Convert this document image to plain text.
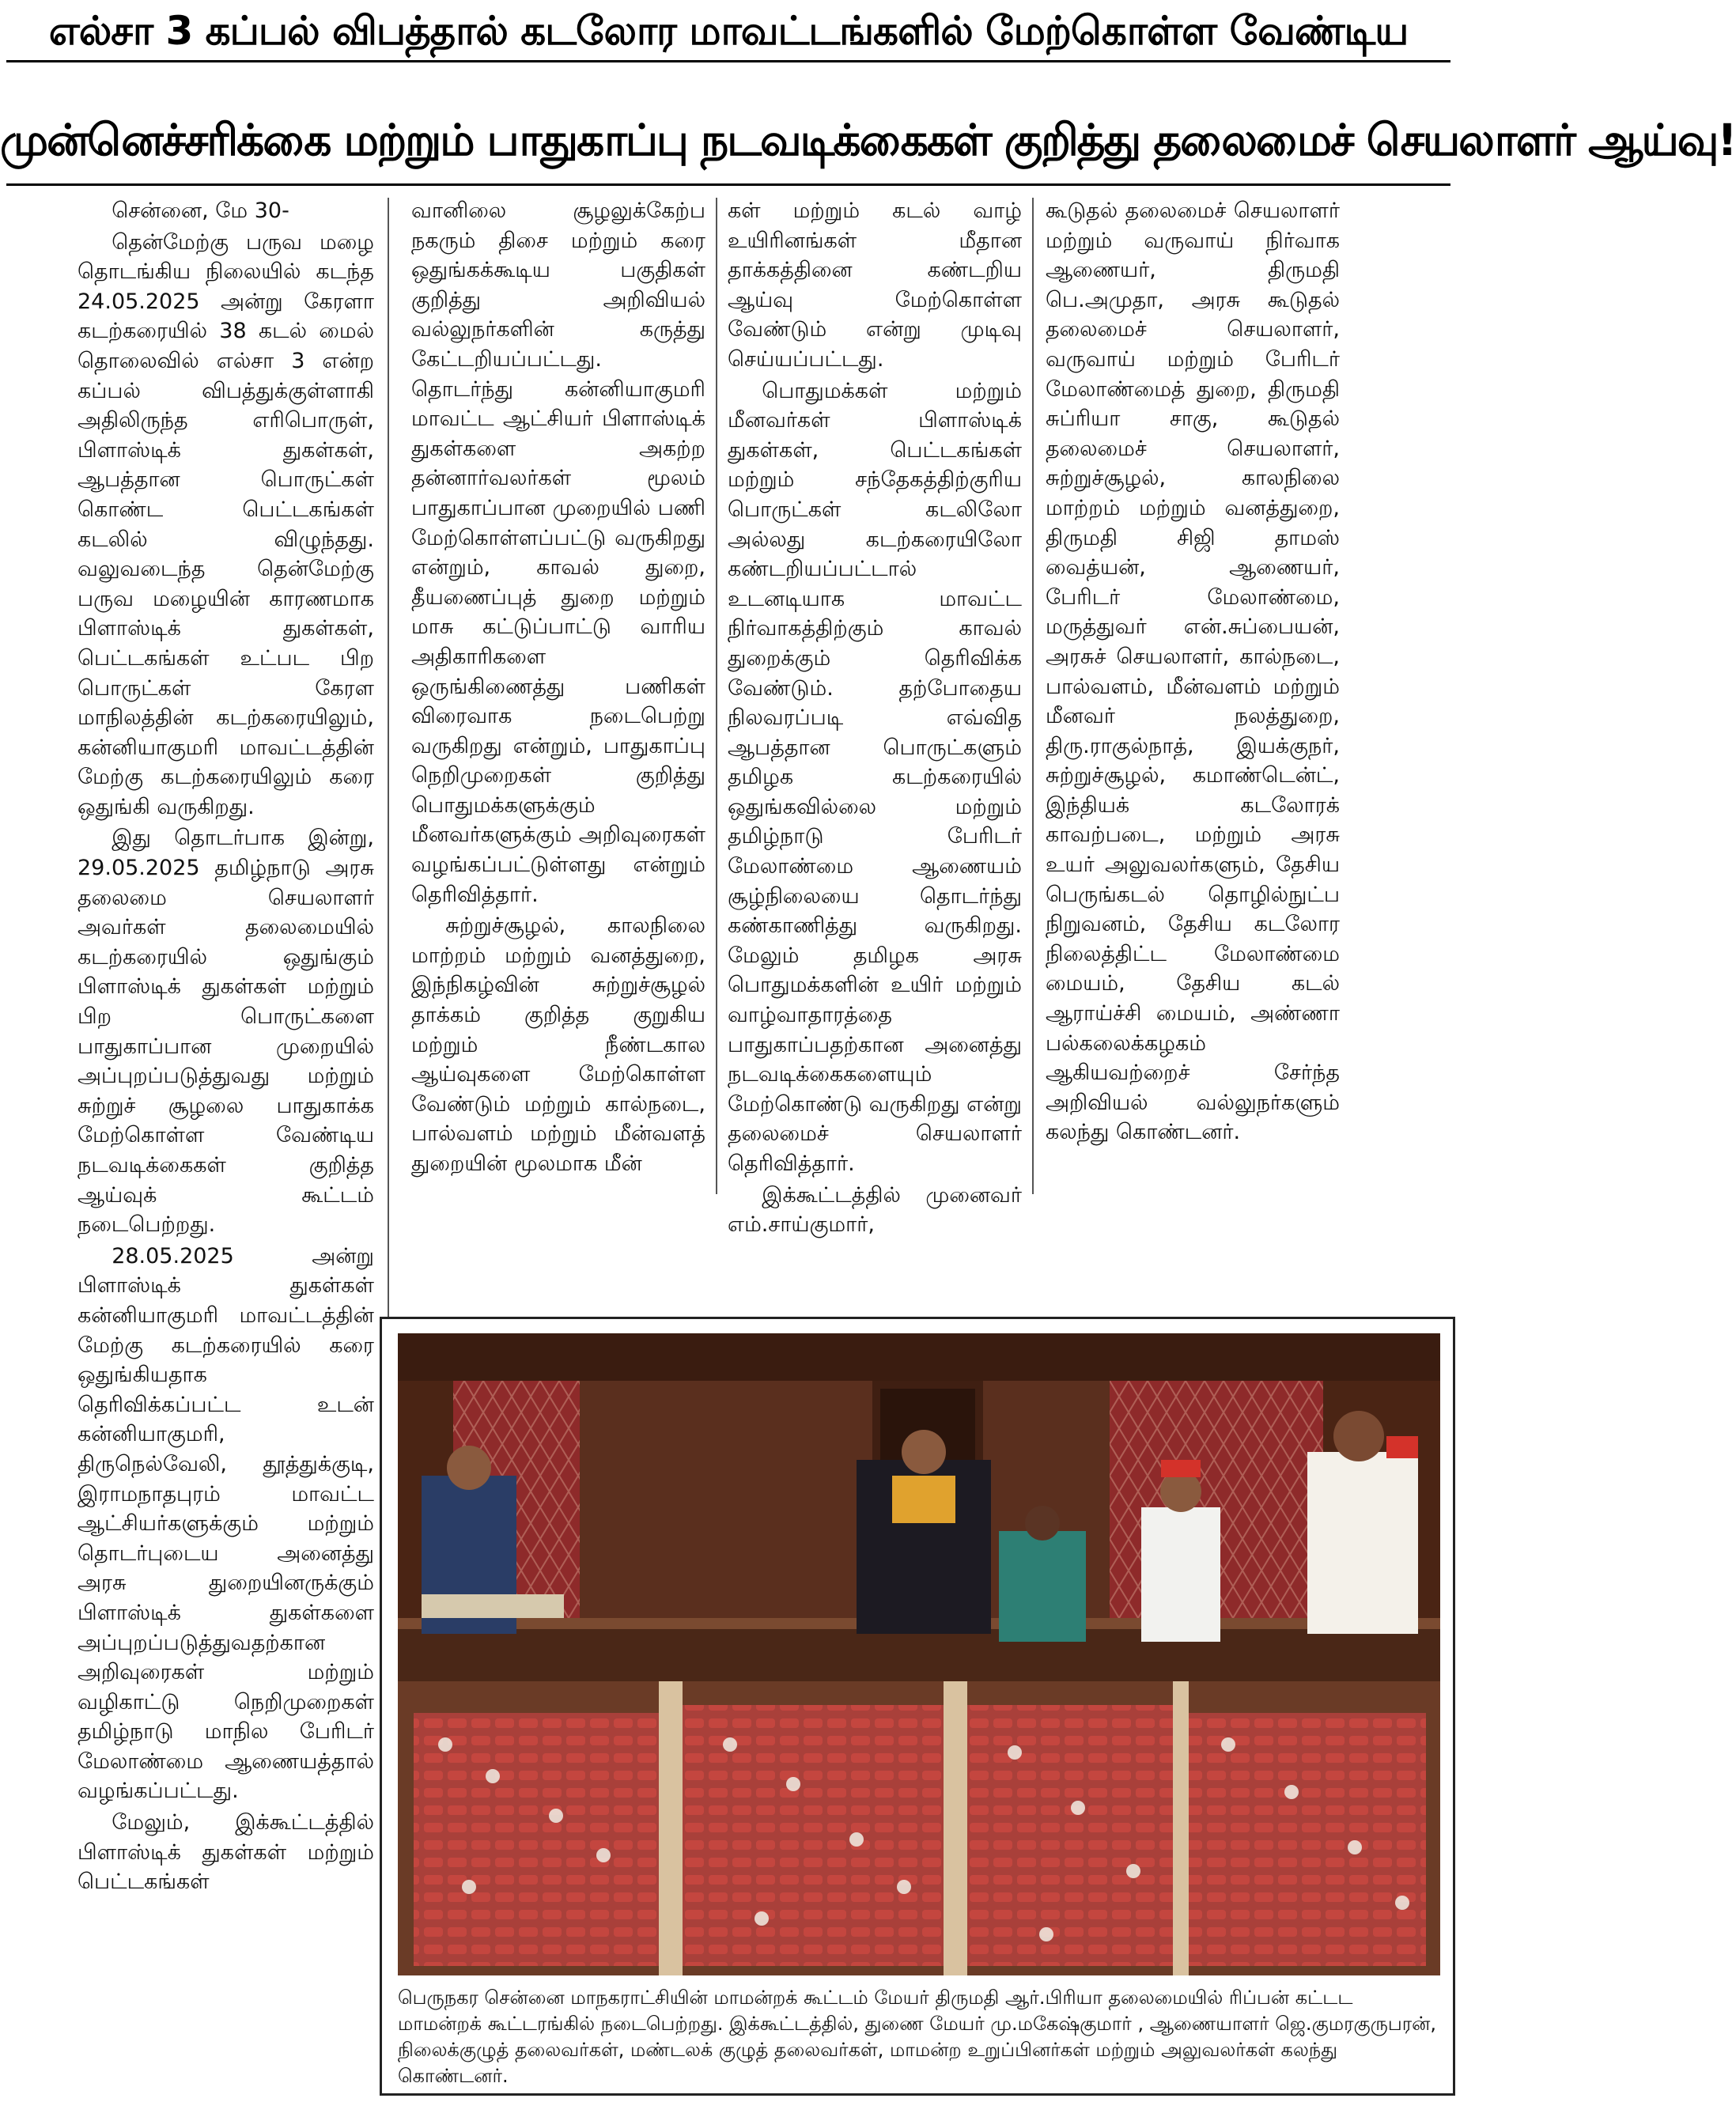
எல்சா 3 கப்பல் விபத்தால் கடலோர மாவட்டங்களில் மேற்கொள்ள வேண்டிய
முன்னெச்சரிக்கை மற்றும் பாதுகாப்பு நடவடிக்கைகள் குறித்து தலைமைச் செயலாளர் ஆய்வு!

சென்னை, மே 30-

தென்மேற்கு பருவ மழை தொடங்கிய நிலையில் கடந்த 24.05.2025 அன்று கேரளா கடற்கரையில் 38 கடல் மைல் தொலைவில் எல்சா 3 என்ற கப்பல் விபத்துக்குள்ளாகி அதிலிருந்த எரிபொருள், பிளாஸ்டிக் துகள்கள், ஆபத்தான பொருட்கள் கொண்ட பெட்டகங்கள் கடலில் விழுந்தது. வலுவடைந்த தென்மேற்கு பருவ மழையின் காரணமாக பிளாஸ்டிக் துகள்கள், பெட்டகங்கள் உட்பட பிற பொருட்கள் கேரள மாநிலத்தின் கடற்கரையிலும், கன்னியாகுமரி மாவட்டத்தின் மேற்கு கடற்கரையிலும் கரை ஒதுங்கி வருகிறது.

இது தொடர்பாக இன்று, 29.05.2025 தமிழ்நாடு அரசு தலைமை செயலாளர் அவர்கள் தலைமையில் கடற்கரையில் ஒதுங்கும் பிளாஸ்டிக் துகள்கள் மற்றும் பிற பொருட்களை பாதுகாப்பான முறையில் அப்புறப்படுத்துவது மற்றும் சுற்றுச் சூழலை பாதுகாக்க மேற்கொள்ள வேண்டிய நடவடிக்கைகள் குறித்த ஆய்வுக் கூட்டம் நடைபெற்றது.

28.05.2025 அன்று பிளாஸ்டிக் துகள்கள் கன்னியாகுமரி மாவட்டத்தின் மேற்கு கடற்கரையில் கரை ஒதுங்கியதாக தெரிவிக்கப்பட்ட உடன் கன்னியாகுமரி, திருநெல்வேலி, தூத்துக்குடி, இராமநாதபுரம் மாவட்ட ஆட்சியர்களுக்கும் மற்றும் தொடர்புடைய அனைத்து அரசு துறையினருக்கும் பிளாஸ்டிக் துகள்களை அப்புறப்படுத்துவதற்கான அறிவுரைகள் மற்றும் வழிகாட்டு நெறிமுறைகள் தமிழ்நாடு மாநில பேரிடர் மேலாண்மை ஆணையத்தால் வழங்கப்பட்டது.

மேலும், இக்கூட்டத்தில் பிளாஸ்டிக் துகள்கள் மற்றும் பெட்டகங்கள்

வானிலை சூழலுக்கேற்ப நகரும் திசை மற்றும் கரை ஒதுங்கக்கூடிய பகுதிகள் குறித்து அறிவியல் வல்லுநர்களின் கருத்து கேட்டறியப்பட்டது. தொடர்ந்து கன்னியாகுமரி மாவட்ட ஆட்சியர் பிளாஸ்டிக் துகள்களை அகற்ற தன்னார்வலர்கள் மூலம் பாதுகாப்பான முறையில் பணி மேற்கொள்ளப்பட்டு வருகிறது என்றும், காவல் துறை, தீயணைப்புத் துறை மற்றும் மாசு கட்டுப்பாட்டு வாரிய அதிகாரிகளை ஒருங்கிணைத்து பணிகள் விரைவாக நடைபெற்று வருகிறது என்றும், பாதுகாப்பு நெறிமுறைகள் குறித்து பொதுமக்களுக்கும் மீனவர்களுக்கும் அறிவுரைகள் வழங்கப்பட்டுள்ளது என்றும் தெரிவித்தார்.

சுற்றுச்சூழல், காலநிலை மாற்றம் மற்றும் வனத்துறை, இந்நிகழ்வின் சுற்றுச்சூழல் தாக்கம் குறித்த குறுகிய மற்றும் நீண்டகால ஆய்வுகளை மேற்கொள்ள வேண்டும் மற்றும் கால்நடை, பால்வளம் மற்றும் மீன்வளத் துறையின் மூலமாக மீன்

கள் மற்றும் கடல் வாழ் உயிரினங்கள் மீதான தாக்கத்தினை கண்டறிய ஆய்வு மேற்கொள்ள வேண்டும் என்று முடிவு செய்யப்பட்டது.

பொதுமக்கள் மற்றும் மீனவர்கள் பிளாஸ்டிக் துகள்கள், பெட்டகங்கள் மற்றும் சந்தேகத்திற்குரிய பொருட்கள் கடலிலோ அல்லது கடற்கரையிலோ கண்டறியப்பட்டால் உடனடியாக மாவட்ட நிர்வாகத்திற்கும் காவல் துறைக்கும் தெரிவிக்க வேண்டும். தற்போதைய நிலவரப்படி எவ்வித ஆபத்தான பொருட்களும் தமிழக கடற்கரையில் ஒதுங்கவில்லை மற்றும் தமிழ்நாடு பேரிடர் மேலாண்மை ஆணையம் சூழ்நிலையை தொடர்ந்து கண்காணித்து வருகிறது. மேலும் தமிழக அரசு பொதுமக்களின் உயிர் மற்றும் வாழ்வாதாரத்தை பாதுகாப்பதற்கான அனைத்து நடவடிக்கைகளையும் மேற்கொண்டு வருகிறது என்று தலைமைச் செயலாளர் தெரிவித்தார்.

இக்கூட்டத்தில் முனைவர் எம்.சாய்குமார்,

கூடுதல் தலைமைச் செயலாளர் மற்றும் வருவாய் நிர்வாக ஆணையர், திருமதி பெ.அமுதா, அரசு கூடுதல் தலைமைச் செயலாளர், வருவாய் மற்றும் பேரிடர் மேலாண்மைத் துறை, திருமதி சுப்ரியா சாகு, கூடுதல் தலைமைச் செயலாளர், சுற்றுச்சூழல், காலநிலை மாற்றம் மற்றும் வனத்துறை, திருமதி சிஜி தாமஸ் வைத்யன், ஆணையர், பேரிடர் மேலாண்மை, மருத்துவர் என்.சுப்பையன், அரசுச் செயலாளர், கால்நடை, பால்வளம், மீன்வளம் மற்றும் மீனவர் நலத்துறை, திரு.ராகுல்நாத், இயக்குநர், சுற்றுச்சூழல், கமாண்டென்ட், இந்தியக் கடலோரக் காவற்படை, மற்றும் அரசு உயர் அலுவலர்களும், தேசிய பெருங்கடல் தொழில்நுட்ப நிறுவனம், தேசிய கடலோர நிலைத்திட்ட மேலாண்மை மையம், தேசிய கடல் ஆராய்ச்சி மையம், அண்ணா பல்கலைக்கழகம் ஆகியவற்றைச் சேர்ந்த அறிவியல் வல்லுநர்களும் கலந்து கொண்டனர்.

பெருநகர சென்னை மாநகராட்சியின் மாமன்றக் கூட்டம் மேயர் திருமதி ஆர்.பிரியா தலைமையில் ரிப்பன் கட்டட மாமன்றக் கூட்டரங்கில் நடைபெற்றது. இக்கூட்டத்தில், துணை மேயர் மு.மகேஷ்குமார் , ஆணையாளர் ஜெ.குமரகுருபரன், நிலைக்குழுத் தலைவர்கள், மண்டலக் குழுத் தலைவர்கள், மாமன்ற உறுப்பினர்கள் மற்றும் அலுவலர்கள் கலந்து கொண்டனர்.
